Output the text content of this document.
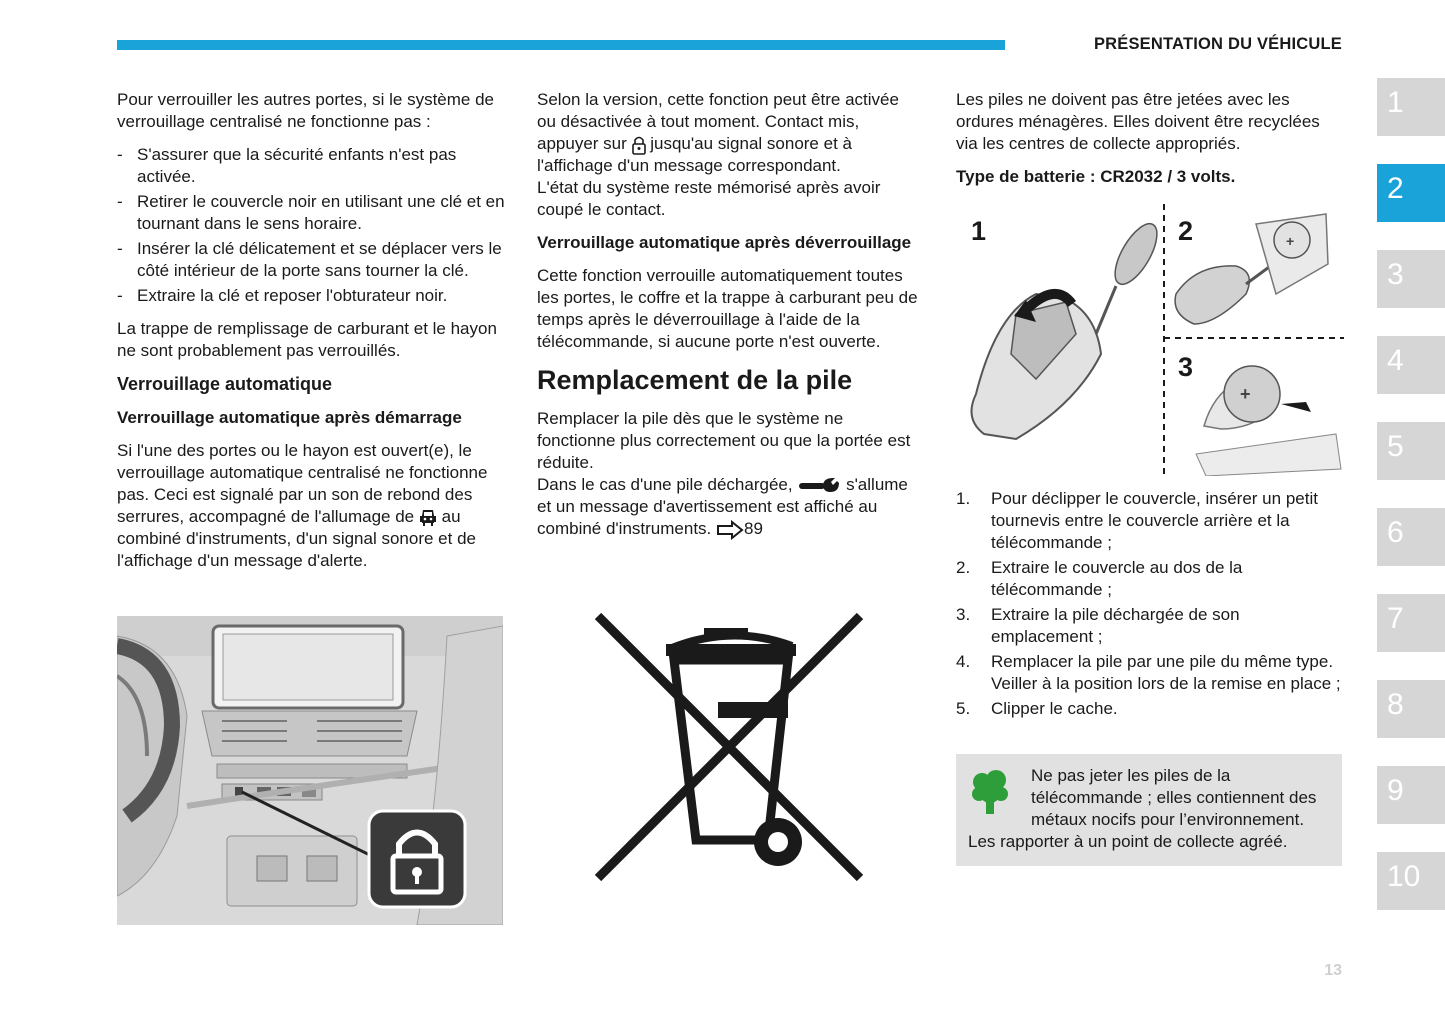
PRÉSENTATION DU VÉHICULE

Pour verrouiller les autres portes, si le système de verrouillage centralisé ne fonctionne pas :

- S'assurer que la sécurité enfants n'est pas activée.
- Retirer le couvercle noir en utilisant une clé et en tournant dans le sens horaire.
- Insérer la clé délicatement et se déplacer vers le côté intérieur de la porte sans tourner la clé.
- Extraire la clé et reposer l'obturateur noir.

La trappe de remplissage de carburant et le hayon ne sont probablement pas verrouillés.

Verrouillage automatique
Verrouillage automatique après démarrage

Si l'une des portes ou le hayon est ouvert(e), le verrouillage automatique centralisé ne fonctionne pas. Ceci est signalé par un son de rebond des serrures, accompagné de l'allumage de au combiné d'instruments, d'un signal sonore et de l'affichage d'un message d'alerte.

Selon la version, cette fonction peut être activée ou désactivée à tout moment. Contact mis, appuyer sur jusqu'au signal sonore et à l'affichage d'un message correspondant.

L'état du système reste mémorisé après avoir coupé le contact.

Verrouillage automatique après déverrouillage

Cette fonction verrouille automatiquement toutes les portes, le coffre et la trappe à carburant peu de temps après le déverrouillage à l'aide de la télécommande, si aucune porte n'est ouverte.

Remplacement de la pile

Remplacer la pile dès que le système ne fonctionne plus correctement ou que la portée est réduite.

Dans le cas d'une pile déchargée,	s'allume et un message d'avertissement est affiché au combiné d'instruments. 89

Les piles ne doivent pas être jetées avec les ordures ménagères. Elles doivent être recyclées via les centres de collecte appropriés.

Type de batterie : CR2032 / 3 volts.
1	2
3
+
+
1. Pour déclipper le couvercle, insérer un petit tournevis entre le couvercle arrière et la télécommande ;
2. Extraire le couvercle au dos de la télécommande ;
3. Extraire la pile déchargée de son emplacement ;
4. Remplacer la pile par une pile du même type. Veiller à la position lors de la remise en place ;
5. Clipper le cache.
Ne pas jeter les piles de la télécommande ; elles contiennent des métaux nocifs pour l’environnement.
Les rapporter à un point de collecte agréé.
1
2
3
4
5
6
7
8
9
10
13
